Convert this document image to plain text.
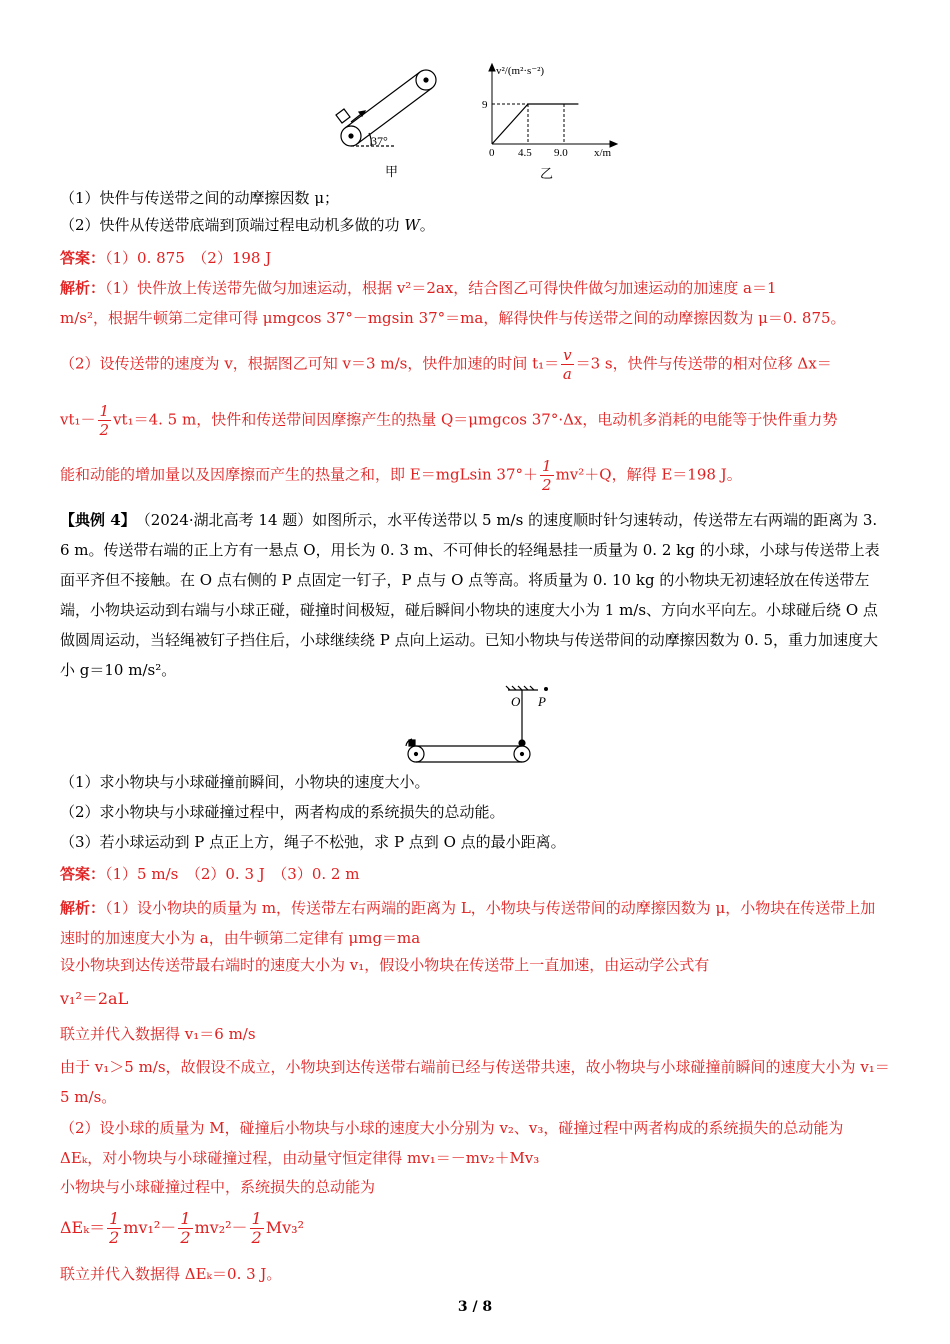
37°
甲
v²/(m²·s⁻²)
x/m
9
0 4.5 9.0
乙
（1）快件与传送带之间的动摩擦因数 μ；
（2）快件从传送带底端到顶端过程电动机多做的功 W。
答案：（1）0. 875　（2）198 J
解析：（1）快件放上传送带先做匀加速运动，根据 v²＝2ax，结合图乙可得快件做匀加速运动的加速度 a＝1
m/s²，根据牛顿第二定律可得 μmgcos 37°－mgsin 37°＝ma，解得快件与传送带之间的动摩擦因数为 μ＝0. 875。
（2）设传送带的速度为 v，根据图乙可知 v＝3 m/s，快件加速的时间 $t_1= \frac{v}{a} =3$ s，快件与传送带的相对位移 Δx＝
$vt_1- \frac{1}{2} vt_1=4$. 5 m，快件和传送带间因摩擦产生的热量 Q＝μmgcos 37°·Δx，电动机多消耗的电能等于快件重力势
能和动能的增加量以及因摩擦而产生的热量之和，即 E＝mgLsin $37^\circ+ \frac{1}{2} mv^2+Q$，解得 E＝198 J。
【典例 4】　 （2024·湖北高考 14 题）如图所示，水平传送带以 5 m/s 的速度顺时针匀速转动，传送带左右两端的距离为 3. 6 m。传送带右端的正上方有一悬点 O，用长为 0. 3 m、不可伸长的轻绳悬挂一质量为 0. 2 kg 的小球，小球与传送带上表面平齐但不接触。在 O 点右侧的 P 点固定一钉子，P 点与 O 点等高。将质量为 0. 10 kg 的小物块无初速轻放在传送带左端，小物块运动到右端与小球正碰，碰撞时间极短，碰后瞬间小物块的速度大小为 1 m/s、方向水平向左。小球碰后绕 O 点做圆周运动，当轻绳被钉子挡住后，小球继续绕 P 点向上运动。已知小物块与传送带间的动摩擦因数为 0. 5，重力加速度大小 g＝10 m/s²。
O P
（1）求小物块与小球碰撞前瞬间，小物块的速度大小。
（2）求小物块与小球碰撞过程中，两者构成的系统损失的总动能。
（3）若小球运动到 P 点正上方，绳子不松弛，求 P 点到 O 点的最小距离。
答案：（1）5 m/s　（2）0. 3 J　（3）0. 2 m
解析：（1）设小物块的质量为 m，传送带左右两端的距离为 L，小物块与传送带间的动摩擦因数为 μ，小物块在传送带上加速时的加速度大小为 a，由牛顿第二定律有 μmg＝ma
设小物块到达传送带最右端时的速度大小为 v₁，假设小物块在传送带上一直加速，由运动学公式有
v₁²＝2aL
联立并代入数据得 v₁＝6 m/s
由于 v₁＞5 m/s，故假设不成立，小物块到达传送带右端前已经与传送带共速，故小物块与小球碰撞前瞬间的速度大小为 v₁＝5 m/s。
（2）设小球的质量为 M，碰撞后小物块与小球的速度大小分别为 v₂、v₃，碰撞过程中两者构成的系统损失的总动能为 ΔEₖ，对小物块与小球碰撞过程，由动量守恒定律得 mv₁＝－mv₂＋Mv₃
小物块与小球碰撞过程中，系统损失的总动能为
$\Delta E_k= \frac{1}{2} mv_1^2- \frac{1}{2} mv_2^2- \frac{1}{2} Mv_3^2$
联立并代入数据得 ΔEₖ＝0. 3 J。
3 / 8
